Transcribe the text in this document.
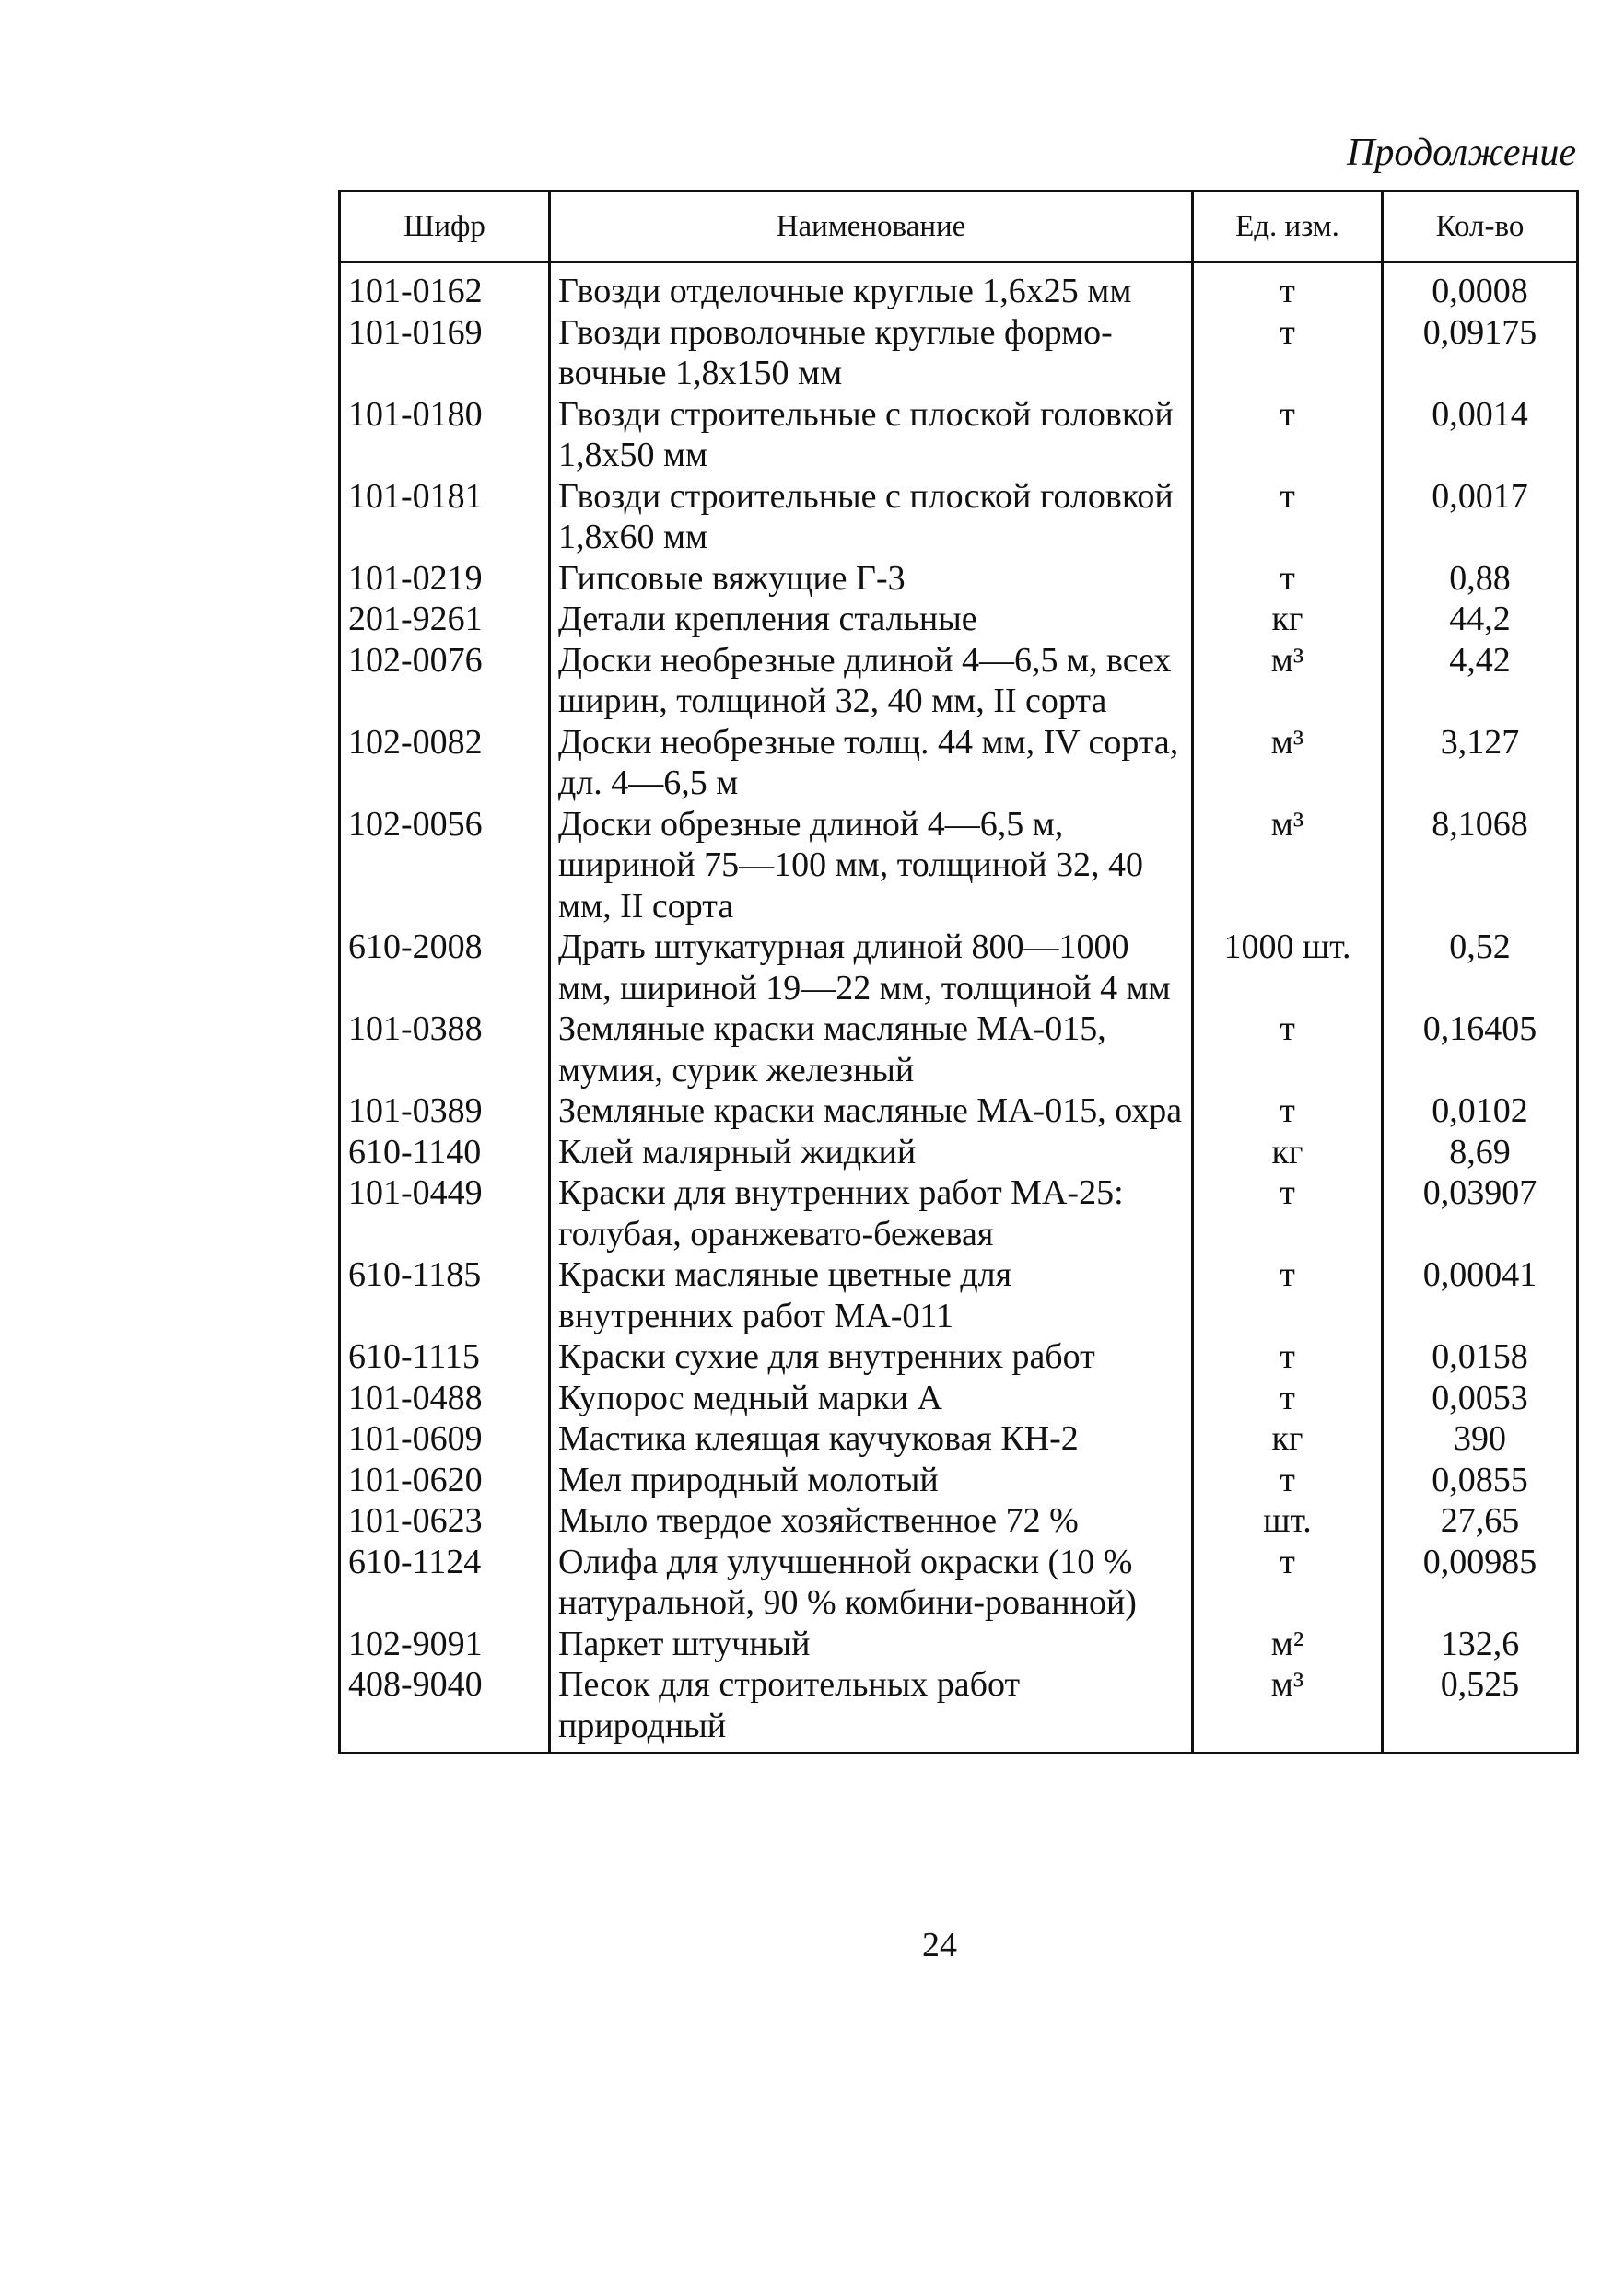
Продолжение
Шифр	Наименование	Ед. изм.	Кол-во
101-0162	Гвозди отделочные круглые 1,6х25 мм	т	0,0008
101-0169	Гвозди проволочные круглые формо-вочные 1,8х150 мм	т	0,09175
101-0180	Гвозди строительные с плоской головкой 1,8х50 мм	т	0,0014
101-0181	Гвозди строительные с плоской головкой 1,8х60 мм	т	0,0017
101-0219	Гипсовые вяжущие Г-3	т	0,88
201-9261	Детали крепления стальные	кг	44,2
102-0076	Доски необрезные длиной 4—6,5 м, всех ширин, толщиной 32, 40 мм, II сорта	м³	4,42
102-0082	Доски необрезные толщ. 44 мм, IV сорта, дл. 4—6,5 м	м³	3,127
102-0056	Доски обрезные длиной 4—6,5 м, шириной 75—100 мм, толщиной 32, 40 мм, II сорта	м³	8,1068
610-2008	Драть штукатурная длиной 800—1000 мм, шириной 19—22 мм, толщиной 4 мм	1000 шт.	0,52
101-0388	Земляные краски масляные МА-015, мумия, сурик железный	т	0,16405
101-0389	Земляные краски масляные МА-015, охра	т	0,0102
610-1140	Клей малярный жидкий	кг	8,69
101-0449	Краски для внутренних работ МА-25: голубая, оранжевато-бежевая	т	0,03907
610-1185	Краски масляные цветные для внутренних работ МА-011	т	0,00041
610-1115	Краски сухие для внутренних работ	т	0,0158
101-0488	Купорос медный марки А	т	0,0053
101-0609	Мастика клеящая каучуковая КН-2	кг	390
101-0620	Мел природный молотый	т	0,0855
101-0623	Мыло твердое хозяйственное 72 %	шт.	27,65
610-1124	Олифа для улучшенной окраски (10 % натуральной, 90 % комбини-рованной)	т	0,00985
102-9091	Паркет штучный	м²	132,6
408-9040	Песок для строительных работ природный	м³	0,525
24
